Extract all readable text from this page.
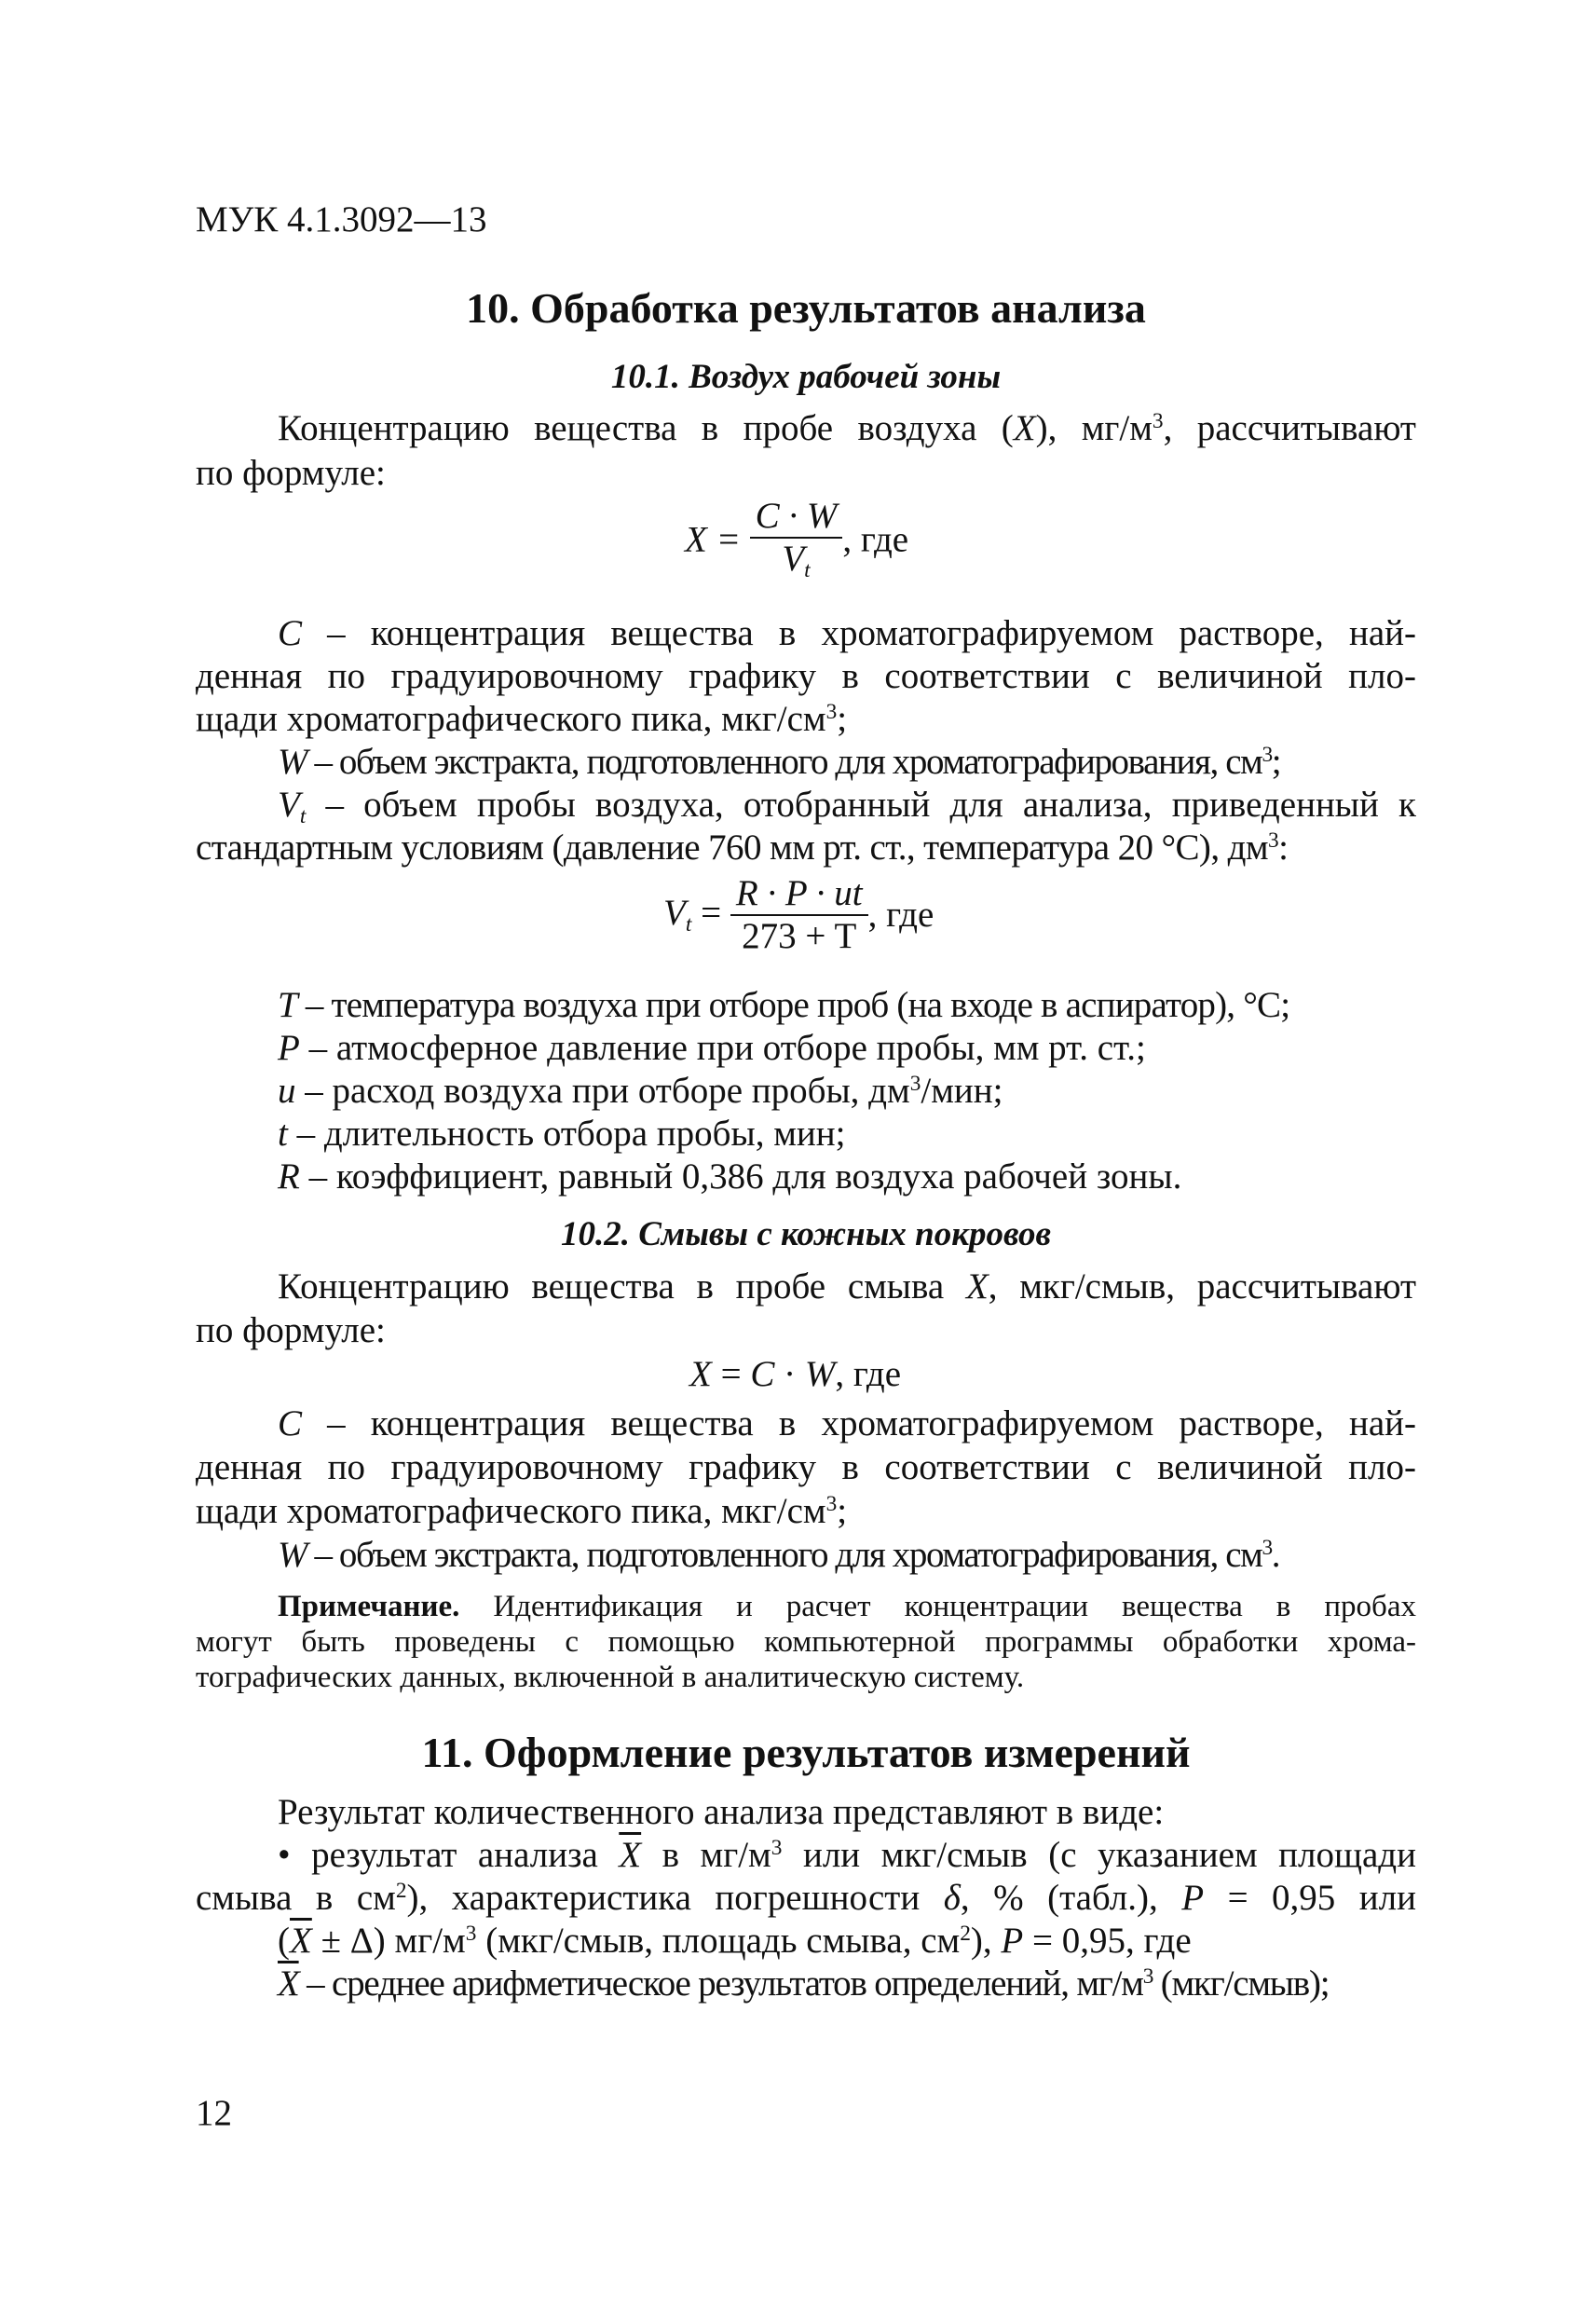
МУК 4.1.3092—13
10. Обработка результатов анализа
10.1. Воздух рабочей зоны
Концентрацию вещества в пробе воздуха (X), $мг/м^3$, рассчитывают
по формуле:
$X = \frac{C \cdot W}{V_t}$ , где
C – концентрация вещества в хроматографируемом растворе, най-
денная по градуировочному графику в соответствии с величиной пло-
щади хроматографического пика, мкг/$см^3$;
W – объем экстракта, подготовленного для хроматографирования, $см^3$;
$V_t$ – объем пробы воздуха, отобранный для анализа, приведенный к
стандартным условиям (давление 760 мм рт. ст., температура 20 °С), $дм^3$:
$V_t = \frac{R \cdot P \cdot ut}{273 + T}$ , где
T – температура воздуха при отборе проб (на входе в аспиратор), °С;
P – атмосферное давление при отборе пробы, мм рт. ст.;
u – расход воздуха при отборе пробы, $дм^3$/мин;
t – длительность отбора пробы, мин;
R – коэффициент, равный 0,386 для воздуха рабочей зоны.
10.2. Смывы с кожных покровов
Концентрацию вещества в пробе смыва X, мкг/смыв, рассчитывают
по формуле:
X = C · W, где
C – концентрация вещества в хроматографируемом растворе, най-
денная по градуировочному графику в соответствии с величиной пло-
щади хроматографического пика, мкг/$см^3$;
W – объем экстракта, подготовленного для хроматографирования, $см^3$.
Примечание. Идентификация и расчет концентрации вещества в пробах
могут быть проведены с помощью компьютерной программы обработки хрома-
тографических данных, включенной в аналитическую систему.
11. Оформление результатов измерений
Результат количественного анализа представляют в виде:
• результат анализа $\overline{X}$ в $мг/м^3$ или мкг/смыв (с указанием площади
смыва в $см^2$), характеристика погрешности δ, % (табл.), P = 0,95 или
$(\overline{X} \pm \Delta)$ $мг/м^3$ (мкг/смыв, площадь смыва, $см^2$), P = 0,95, где
$\overline{X}$ – среднее арифметическое результатов определений, $мг/м^3$ (мкг/смыв);
12
